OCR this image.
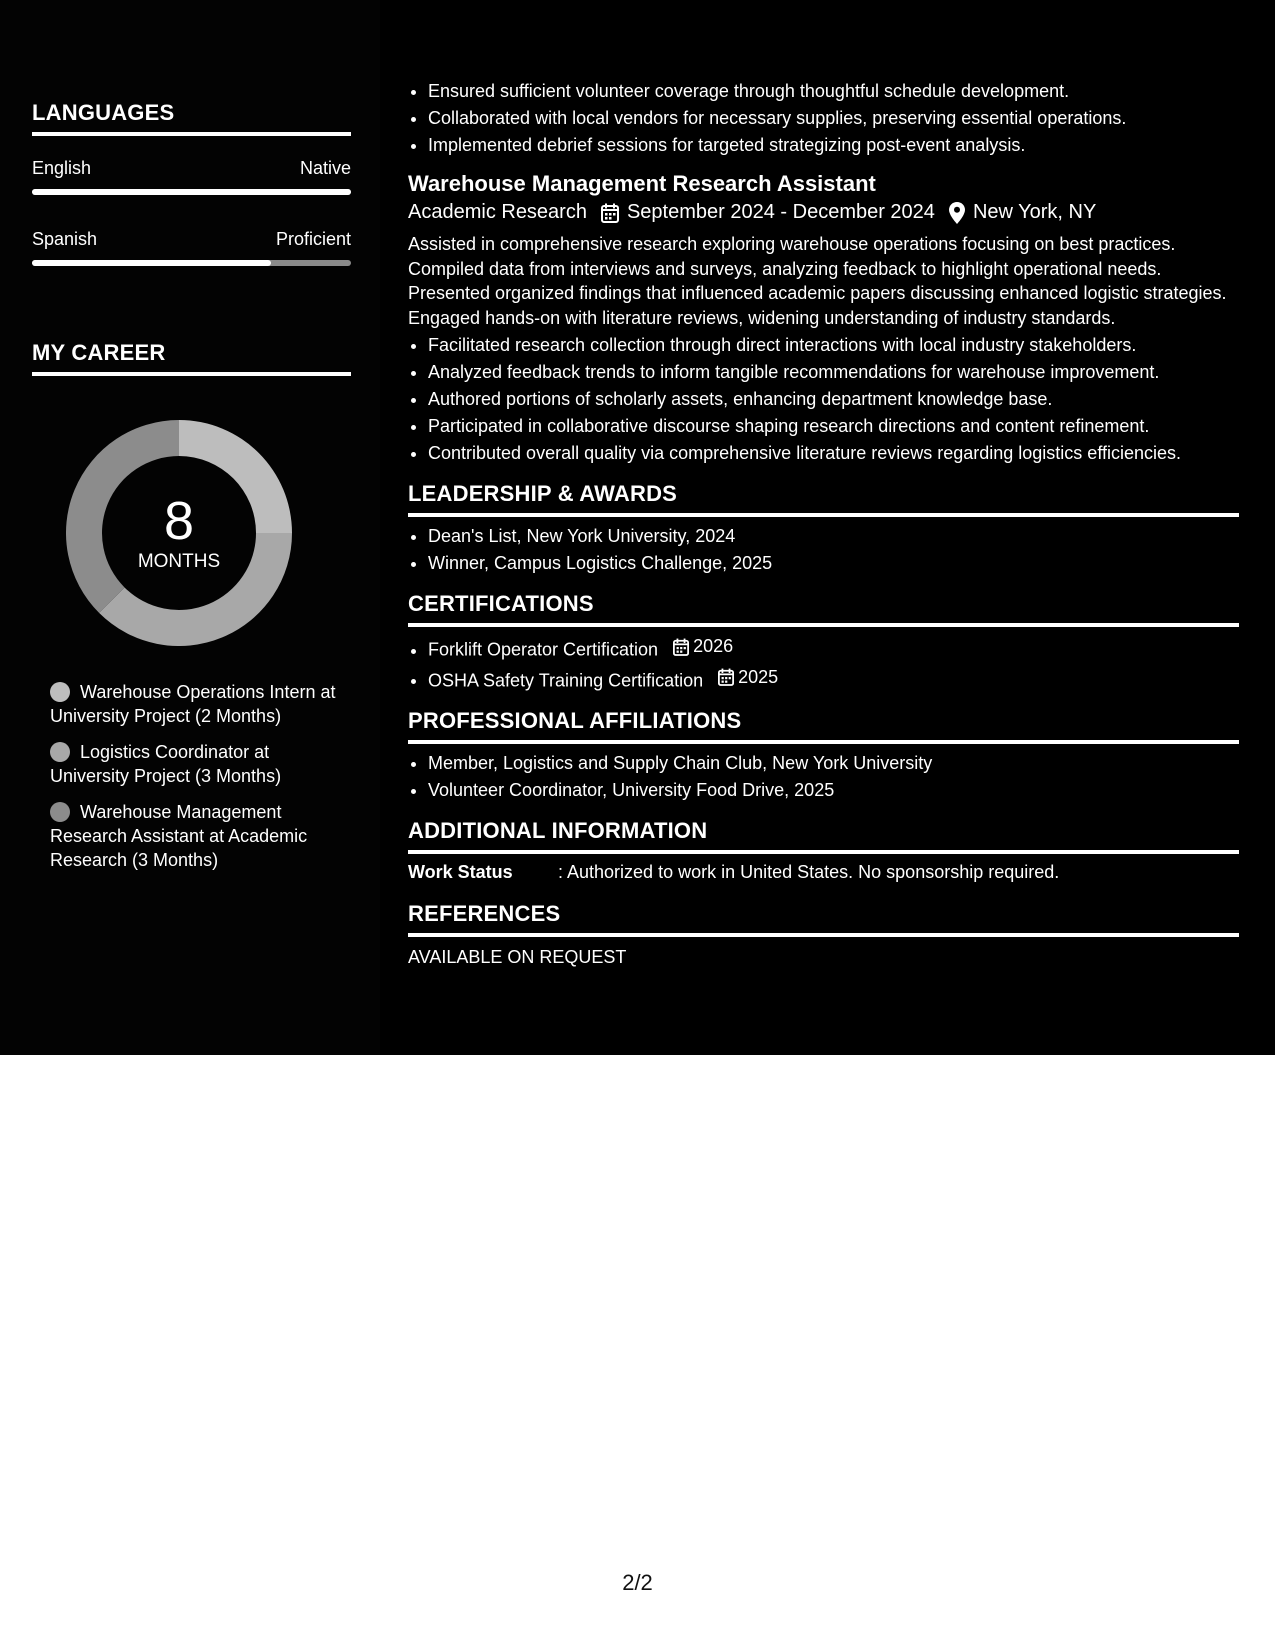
LANGUAGES
English	Native
Spanish	Proficient
MY CAREER
8
MONTHS
Warehouse Operations Intern at University Project (2 Months)
Logistics Coordinator at University Project (3 Months)
Warehouse Management Research Assistant at Academic Research (3 Months)
• Ensured sufficient volunteer coverage through thoughtful schedule development.
• Collaborated with local vendors for necessary supplies, preserving essential operations.
• Implemented debrief sessions for targeted strategizing post-event analysis.
Warehouse Management Research Assistant
Academic Research September 2024 - December 2024 New York, NY
Assisted in comprehensive research exploring warehouse operations focusing on best practices. Compiled data from interviews and surveys, analyzing feedback to highlight operational needs. Presented organized findings that influenced academic papers discussing enhanced logistic strategies. Engaged hands-on with literature reviews, widening understanding of industry standards.
• Facilitated research collection through direct interactions with local industry stakeholders.
• Analyzed feedback trends to inform tangible recommendations for warehouse improvement.
• Authored portions of scholarly assets, enhancing department knowledge base.
• Participated in collaborative discourse shaping research directions and content refinement.
• Contributed overall quality via comprehensive literature reviews regarding logistics efficiencies.
LEADERSHIP & AWARDS
• Dean's List, New York University, 2024
• Winner, Campus Logistics Challenge, 2025
CERTIFICATIONS
• Forklift Operator Certification 2026
• OSHA Safety Training Certification 2025
PROFESSIONAL AFFILIATIONS
• Member, Logistics and Supply Chain Club, New York University
• Volunteer Coordinator, University Food Drive, 2025
ADDITIONAL INFORMATION
Work Status	: Authorized to work in United States. No sponsorship required.
REFERENCES
AVAILABLE ON REQUEST
2/2
